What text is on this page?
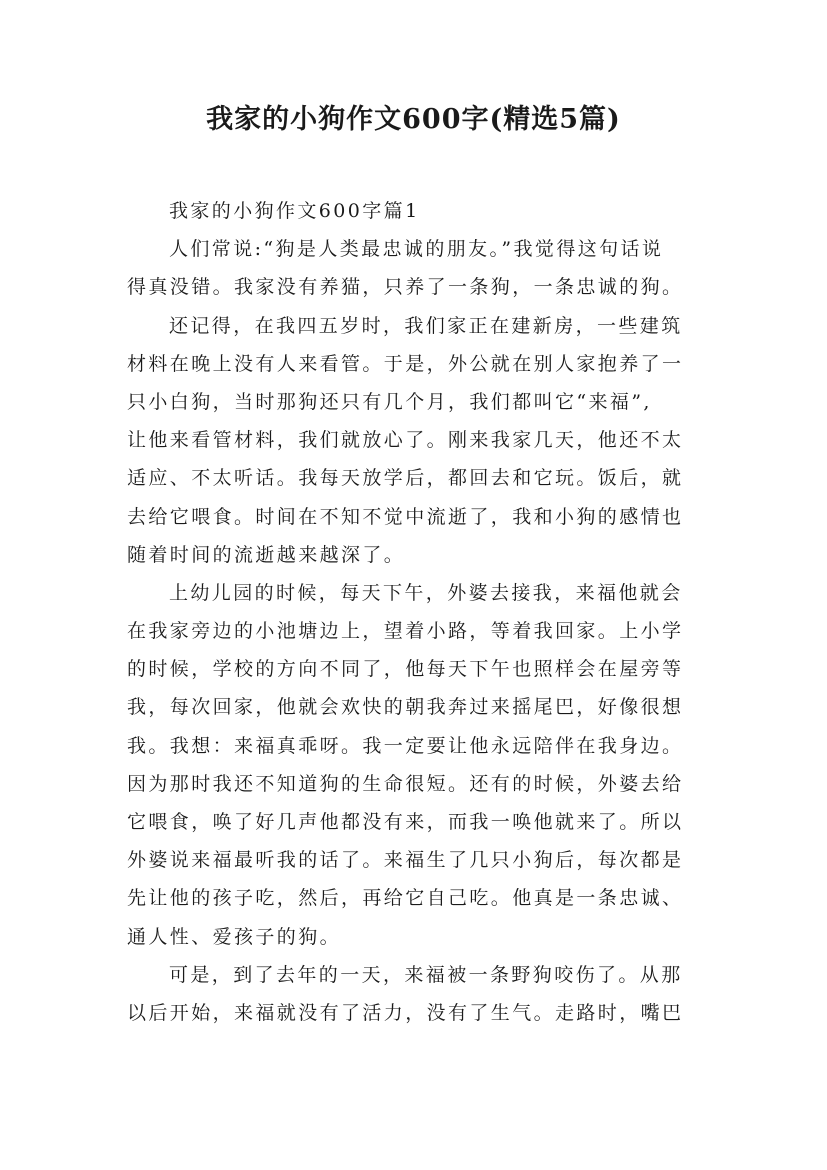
我家的小狗作文600字(精选5篇)
我家的小狗作文600字篇1
人们常说:“狗是人类最忠诚的朋友。”我觉得这句话说
得真没错。我家没有养猫，只养了一条狗，一条忠诚的狗。
还记得，在我四五岁时，我们家正在建新房，一些建筑
材料在晚上没有人来看管。于是，外公就在别人家抱养了一
只小白狗，当时那狗还只有几个月，我们都叫它“来福”,
让他来看管材料，我们就放心了。刚来我家几天，他还不太
适应、不太听话。我每天放学后，都回去和它玩。饭后，就
去给它喂食。时间在不知不觉中流逝了，我和小狗的感情也
随着时间的流逝越来越深了。
上幼儿园的时候，每天下午，外婆去接我，来福他就会
在我家旁边的小池塘边上，望着小路，等着我回家。上小学
的时候，学校的方向不同了，他每天下午也照样会在屋旁等
我，每次回家，他就会欢快的朝我奔过来摇尾巴，好像很想
我。我想：来福真乖呀。我一定要让他永远陪伴在我身边。
因为那时我还不知道狗的生命很短。还有的时候，外婆去给
它喂食，唤了好几声他都没有来，而我一唤他就来了。所以
外婆说来福最听我的话了。来福生了几只小狗后，每次都是
先让他的孩子吃，然后，再给它自己吃。他真是一条忠诚、
通人性、爱孩子的狗。
可是，到了去年的一天，来福被一条野狗咬伤了。从那
以后开始，来福就没有了活力，没有了生气。走路时，嘴巴
